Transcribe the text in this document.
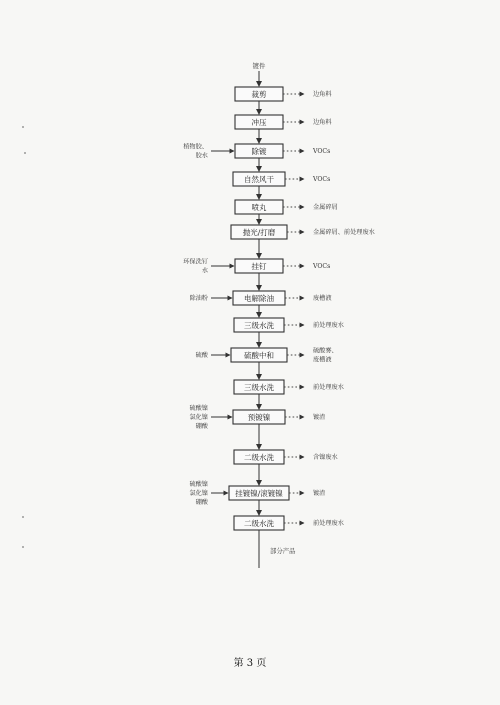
镀件
裁剪	边角料
冲压	边角料
除镀	VOCs
植物胶、
胶水
自然风干	VOCs
喷丸	金属碎屑
抛光/打磨	金属碎屑、前处理废水
挂钉	VOCs
环保洗钉
水
电解除油	废槽液
除油粉
三级水洗	前处理废水
硫酸中和	硫酸雾、
废槽液
硫酸
三级水洗	前处理废水
预镀镍	镀渣
硫酸镍
氯化镍
硼酸
二级水洗	含镍废水
挂镀镍/滚镀镍	镀渣
硫酸镍
氯化镍
硼酸
二级水洗	前处理废水
部分产品
第 3 页
